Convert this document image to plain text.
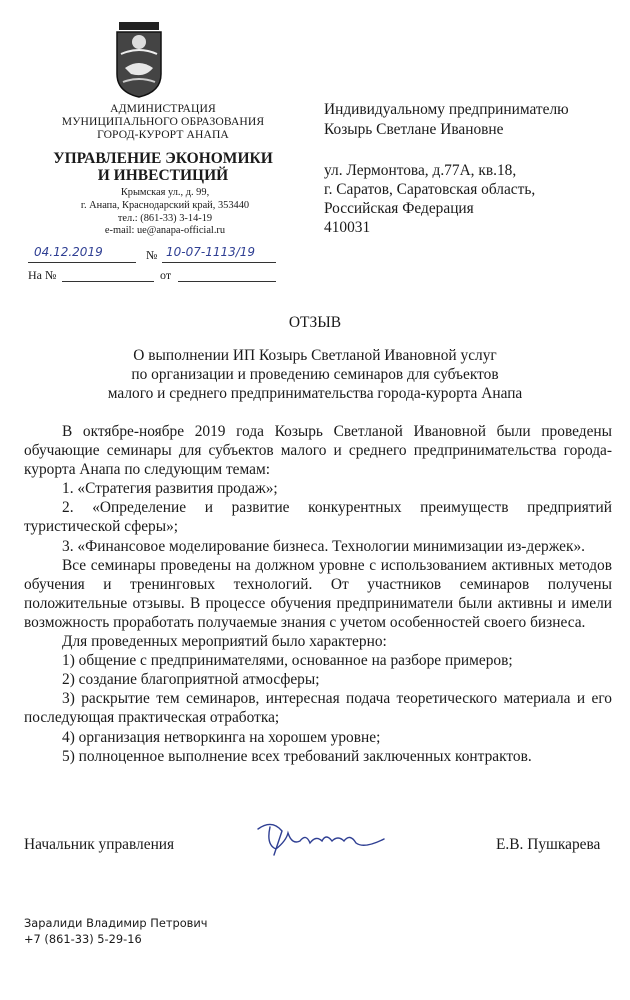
АДМИНИСТРАЦИЯ
МУНИЦИПАЛЬНОГО ОБРАЗОВАНИЯ
ГОРОД-КУРОРТ АНАПА
УПРАВЛЕНИЕ ЭКОНОМИКИ
И ИНВЕСТИЦИЙ
Крымская ул., д. 99,
г. Анапа, Краснодарский край, 353440
тел.: (861-33) 3-14-19
e-mail: ue@anapa-official.ru
04.12.2019	№ 10-07-1113/19
На №	от
Индивидуальному предпринимателю
Козырь Светлане Ивановне
ул. Лермонтова, д.77А, кв.18,
г. Саратов, Саратовская область,
Российская Федерация
410031
ОТЗЫВ
О выполнении ИП Козырь Светланой Ивановной услуг
по организации и проведению семинаров для субъектов
малого и среднего предпринимательства города-курорта Анапа

В октябре-ноябре 2019 года Козырь Светланой Ивановной были проведены обучающие семинары для субъектов малого и среднего предпринимательства города-курорта Анапа по следующим темам:

1. «Стратегия развития продаж»;

2. «Определение и развитие конкурентных преимуществ предприятий туристической сферы»;

3. «Финансовое моделирование бизнеса. Технологии минимизации из-держек».

Все семинары проведены на должном уровне с использованием активных методов обучения и тренинговых технологий. От участников семинаров получены положительные отзывы. В процессе обучения предприниматели были активны и имели возможность проработать получаемые знания с учетом особенностей своего бизнеса.

Для проведенных мероприятий было характерно:

1) общение с предпринимателями, основанное на разборе примеров;

2) создание благоприятной атмосферы;

3) раскрытие тем семинаров, интересная подача теоретического материала и его последующая практическая отработка;

4) организация нетворкинга на хорошем уровне;

5) полноценное выполнение всех требований заключенных контрактов.

Начальник управления	Е.В. Пушкарева
Заралиди Владимир Петрович
+7 (861-33) 5-29-16
